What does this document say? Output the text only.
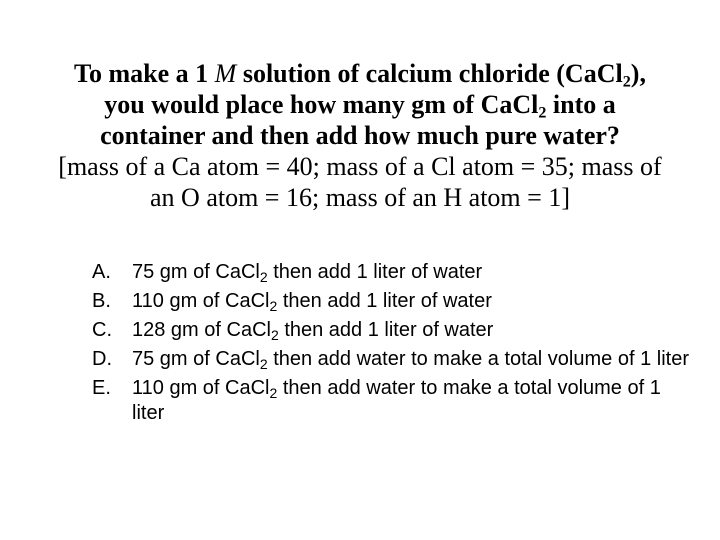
To make a 1 M solution of calcium chloride (CaCl$_2$),
you would place how many gm of CaCl$_2$ into a
container and then add how much pure water?
[mass of a Ca atom = 40; mass of a Cl atom = 35; mass of
an O atom = 16; mass of an H atom = 1]
A.	75 gm of CaCl$_2$ then add 1 liter of water
B.	110 gm of CaCl$_2$ then add 1 liter of water
C.	128 gm of CaCl$_2$ then add 1 liter of water
D.	75 gm of CaCl$_2$ then add water to make a total volume of 1 liter
E.	110 gm of CaCl$_2$ then add water to make a total volume of 1 liter
